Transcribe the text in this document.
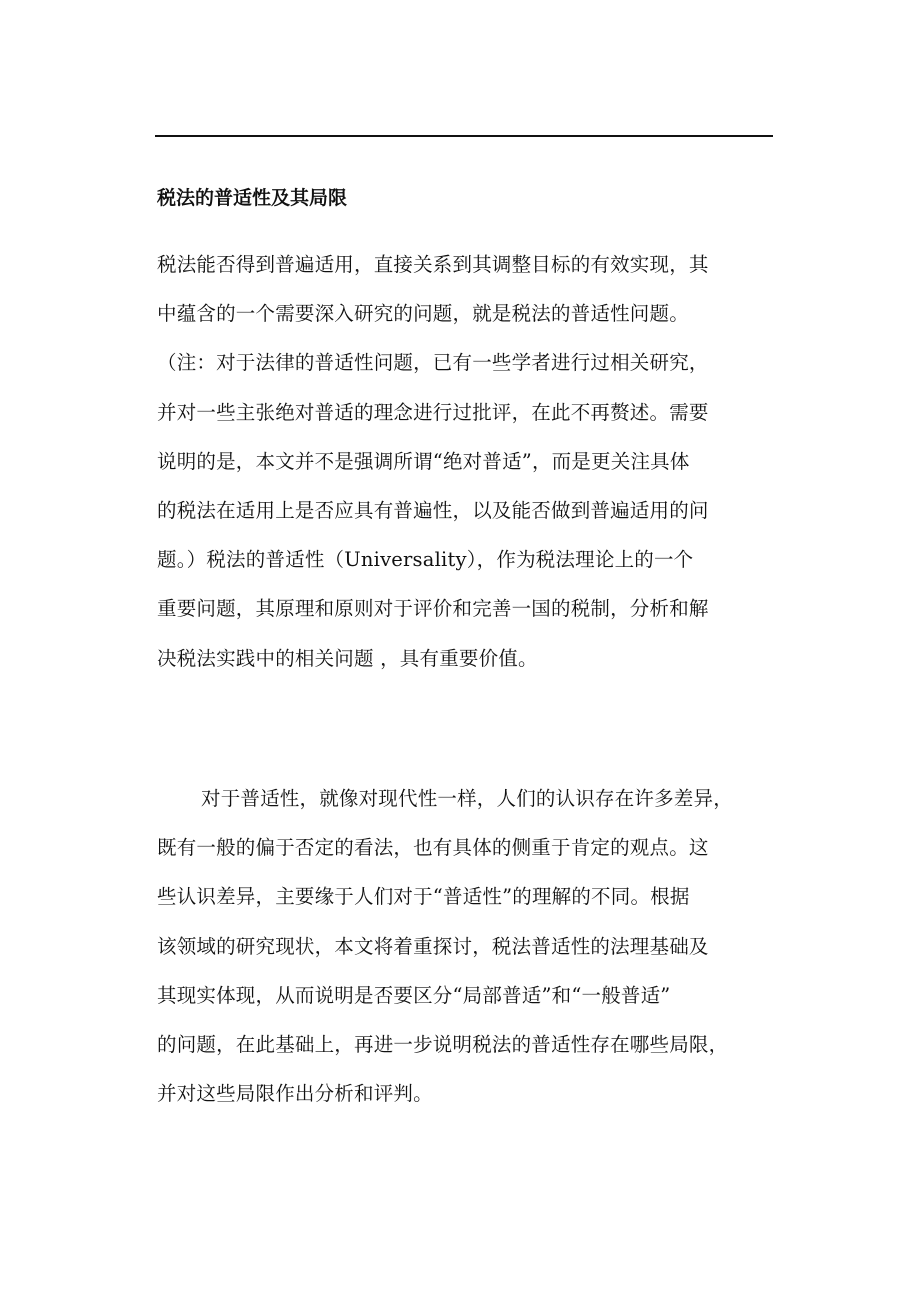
税法的普适性及其局限
税法能否得到普遍适用，直接关系到其调整目标的有效实现，其
中蕴含的一个需要深入研究的问题，就是税法的普适性问题。
（注：对于法律的普适性问题，已有一些学者进行过相关研究，
并对一些主张绝对普适的理念进行过批评，在此不再赘述。需要
说明的是，本文并不是强调所谓“绝对普适”，而是更关注具体
的税法在适用上是否应具有普遍性，以及能否做到普遍适用的问
题。）税法的普适性（Universality），作为税法理论上的一个
重要问题，其原理和原则对于评价和完善一国的税制，分析和解
决税法实践中的相关问题 ，具有重要价值。
对于普适性，就像对现代性一样，人们的认识存在许多差异，
既有一般的偏于否定的看法，也有具体的侧重于肯定的观点。这
些认识差异，主要缘于人们对于“普适性”的理解的不同。根据
该领域的研究现状，本文将着重探讨，税法普适性的法理基础及
其现实体现，从而说明是否要区分“局部普适”和“一般普适”
的问题，在此基础上，再进一步说明税法的普适性存在哪些局限，
并对这些局限作出分析和评判。
